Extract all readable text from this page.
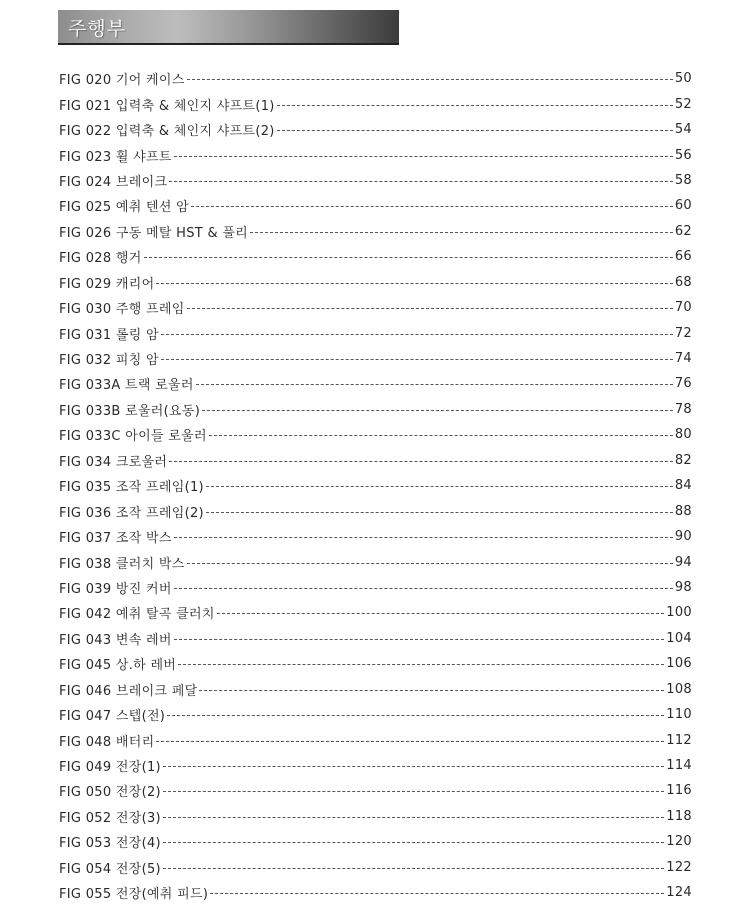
주행부
FIG 020 기어 케이스	50
FIG 021 입력축 & 체인지 샤프트(1)	52
FIG 022 입력축 & 체인지 샤프트(2)	54
FIG 023 휠 샤프트	56
FIG 024 브레이크	58
FIG 025 예취 텐션 암	60
FIG 026 구동 메탈 HST & 풀리	62
FIG 028 행거	66
FIG 029 캐리어	68
FIG 030 주행 프레임	70
FIG 031 롤링 암	72
FIG 032 피칭 암	74
FIG 033A 트랙 로울러	76
FIG 033B 로울러(요동)	78
FIG 033C 아이들 로울러	80
FIG 034 크로울러	82
FIG 035 조작 프레임(1)	84
FIG 036 조작 프레임(2)	88
FIG 037 조작 박스	90
FIG 038 클러치 박스	94
FIG 039 방진 커버	98
FIG 042 예취 탈곡 클러치	100
FIG 043 변속 레버	104
FIG 045 상.하 레버	106
FIG 046 브레이크 페달	108
FIG 047 스텝(전)	110
FIG 048 배터리	112
FIG 049 전장(1)	114
FIG 050 전장(2)	116
FIG 052 전장(3)	118
FIG 053 전장(4)	120
FIG 054 전장(5)	122
FIG 055 전장(예취 피드)	124
